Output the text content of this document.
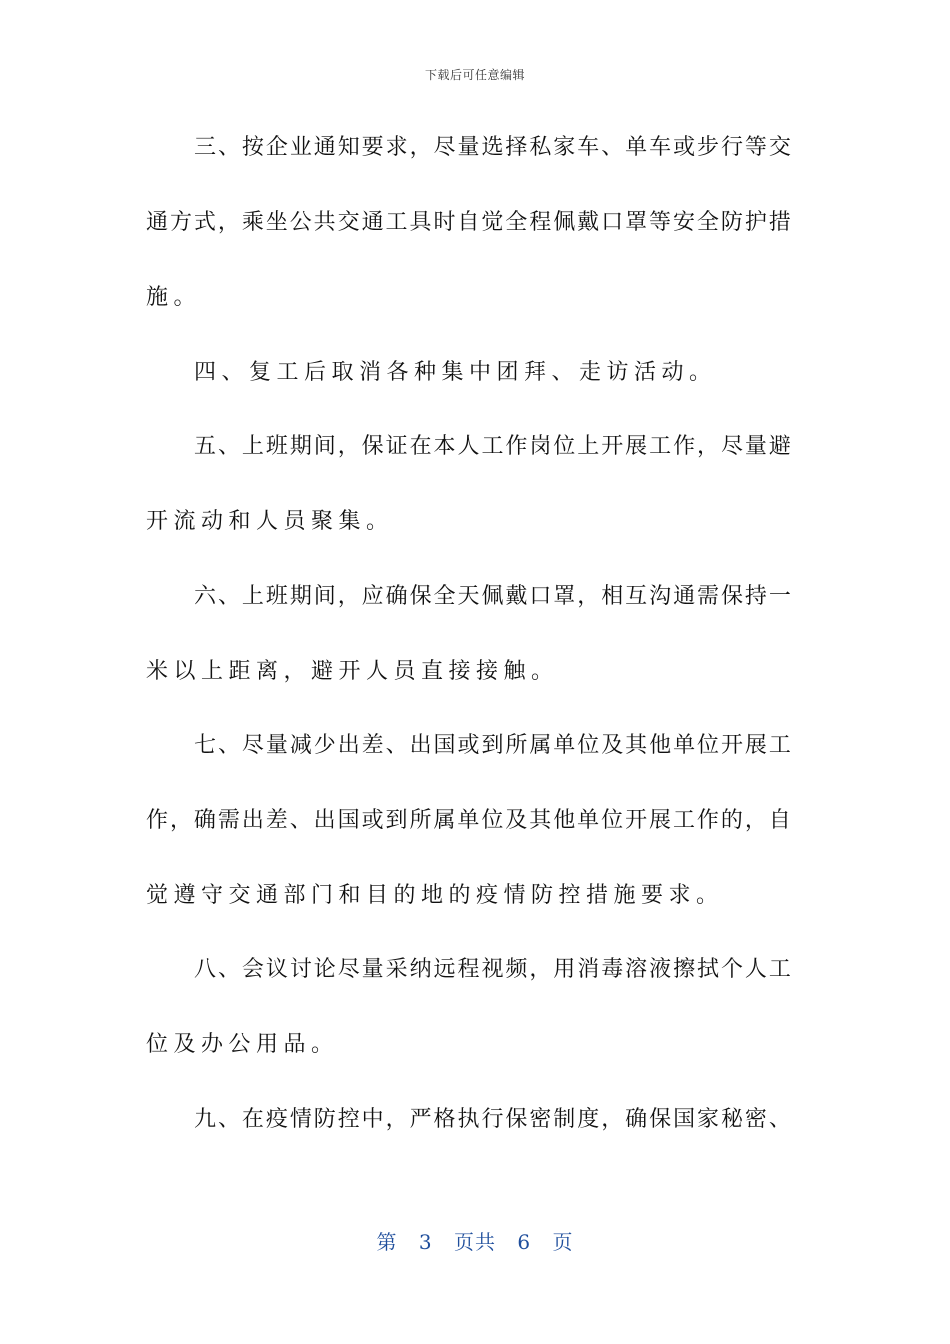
下载后可任意编辑
三 、 按 企 业 通 知 要 求 ， 尽 量 选 择 私 家 车 、 单 车 或 步 行 等 交
通 方 式 ， 乘 坐 公 共 交 通 工 具 时 自 觉 全 程 佩 戴 口 罩 等 安 全 防 护 措
施。
四、复工后取消各种集中团拜、走访活动。
五 、 上 班 期 间 ， 保 证 在 本 人 工 作 岗 位 上 开 展 工 作 ， 尽 量 避
开流动和人员聚集。
六 、 上 班 期 间 ， 应 确 保 全 天 佩 戴 口 罩 ， 相 互 沟 通 需 保 持 一
米以上距离，避开人员直接接触。
七 、 尽 量 减 少 出 差 、 出 国 或 到 所 属 单 位 及 其 他 单 位 开 展 工
作 ， 确 需 出 差 、 出 国 或 到 所 属 单 位 及 其 他 单 位 开 展 工 作 的 ， 自
觉遵守交通部门和目的地的疫情防控措施要求。
八 、 会 议 讨 论 尽 量 采 纳 远 程 视 频 ， 用 消 毒 溶 液 擦 拭 个 人 工
位及办公用品。
九 、 在 疫 情 防 控 中 ， 严 格 执 行 保 密 制 度 ， 确 保 国 家 秘 密 、
第 3 页共 6 页
